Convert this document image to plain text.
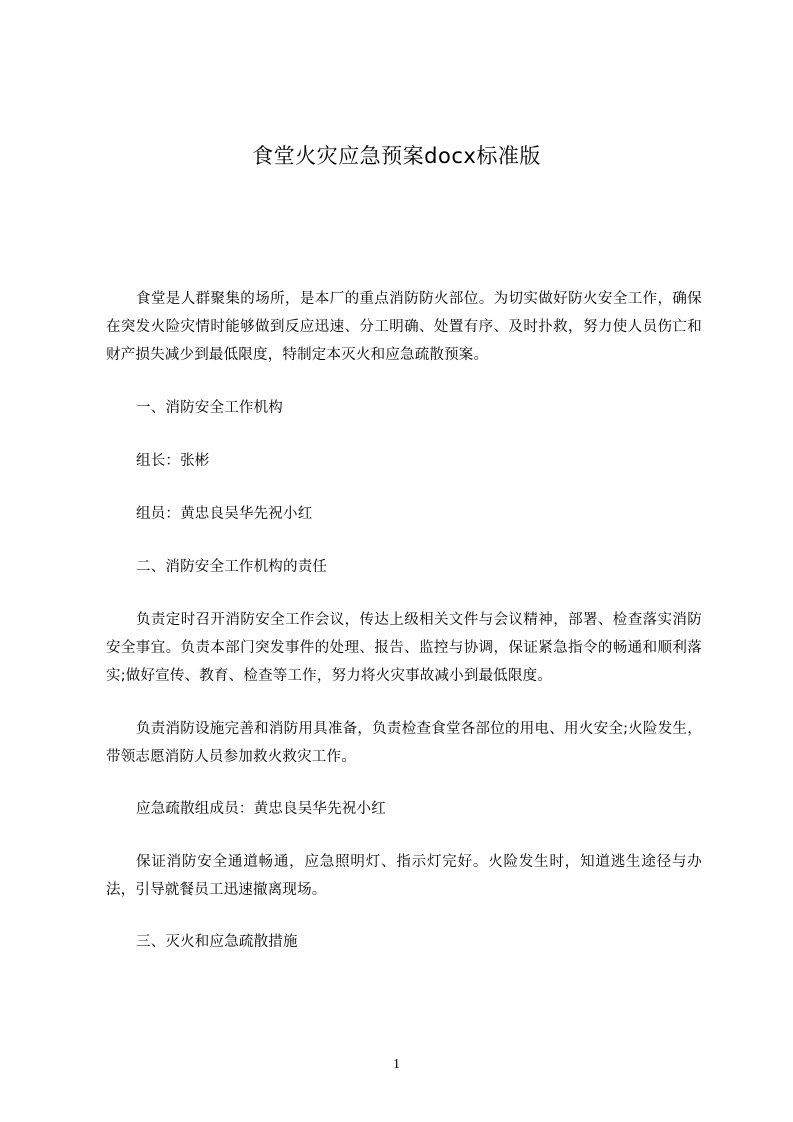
食堂火灾应急预案docx标准版
食堂是人群聚集的场所，是本厂的重点消防防火部位。为切实做好防火安全工作，确保在突发火险灾情时能够做到反应迅速、分工明确、处置有序、及时扑救，努力使人员伤亡和财产损失减少到最低限度，特制定本灭火和应急疏散预案。
一、消防安全工作机构
组长：张彬
组员：黄忠良吴华先祝小红
二、消防安全工作机构的责任
负责定时召开消防安全工作会议，传达上级相关文件与会议精神，部署、检查落实消防安全事宜。负责本部门突发事件的处理、报告、监控与协调，保证紧急指令的畅通和顺利落实;做好宣传、教育、检查等工作，努力将火灾事故减小到最低限度。
负责消防设施完善和消防用具准备，负责检查食堂各部位的用电、用火安全;火险发生，带领志愿消防人员参加救火救灾工作。
应急疏散组成员：黄忠良吴华先祝小红
保证消防安全通道畅通，应急照明灯、指示灯完好。火险发生时，知道逃生途径与办法，引导就餐员工迅速撤离现场。
三、灭火和应急疏散措施
1
